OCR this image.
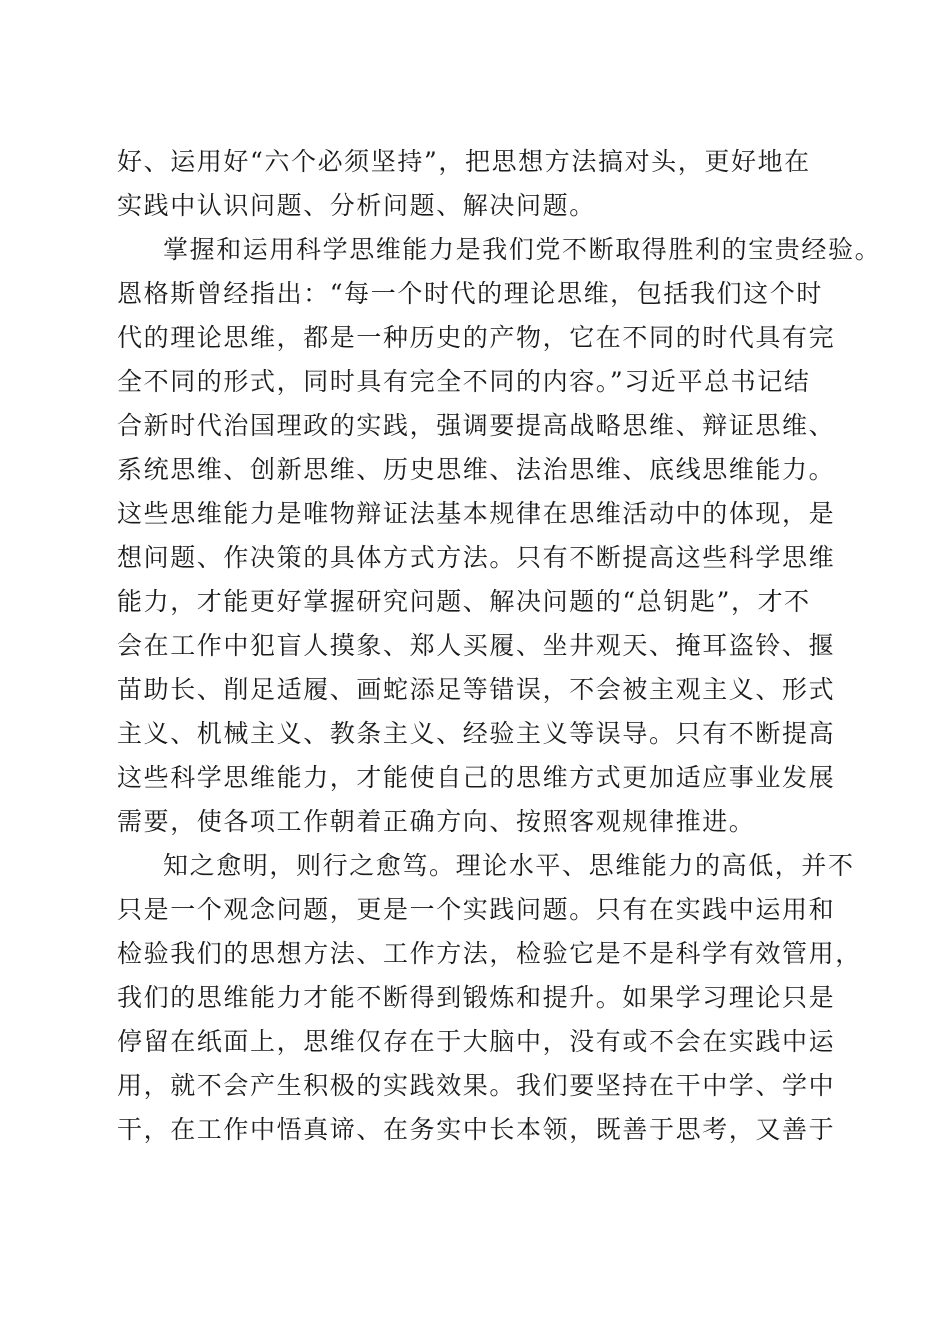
好、运用好“六个必须坚持”，把思想方法搞对头，更好地在
实践中认识问题、分析问题、解决问题。
掌握和运用科学思维能力是我们党不断取得胜利的宝贵经验。
恩格斯曾经指出：“每一个时代的理论思维，包括我们这个时
代的理论思维，都是一种历史的产物，它在不同的时代具有完
全不同的形式，同时具有完全不同的内容。”习近平总书记结
合新时代治国理政的实践，强调要提高战略思维、辩证思维、
系统思维、创新思维、历史思维、法治思维、底线思维能力。
这些思维能力是唯物辩证法基本规律在思维活动中的体现，是
想问题、作决策的具体方式方法。只有不断提高这些科学思维
能力，才能更好掌握研究问题、解决问题的“总钥匙”，才不
会在工作中犯盲人摸象、郑人买履、坐井观天、掩耳盗铃、揠
苗助长、削足适履、画蛇添足等错误，不会被主观主义、形式
主义、机械主义、教条主义、经验主义等误导。只有不断提高
这些科学思维能力，才能使自己的思维方式更加适应事业发展
需要，使各项工作朝着正确方向、按照客观规律推进。
知之愈明，则行之愈笃。理论水平、思维能力的高低，并不
只是一个观念问题，更是一个实践问题。只有在实践中运用和
检验我们的思想方法、工作方法，检验它是不是科学有效管用，
我们的思维能力才能不断得到锻炼和提升。如果学习理论只是
停留在纸面上，思维仅存在于大脑中，没有或不会在实践中运
用，就不会产生积极的实践效果。我们要坚持在干中学、学中
干，在工作中悟真谛、在务实中长本领，既善于思考，又善于
